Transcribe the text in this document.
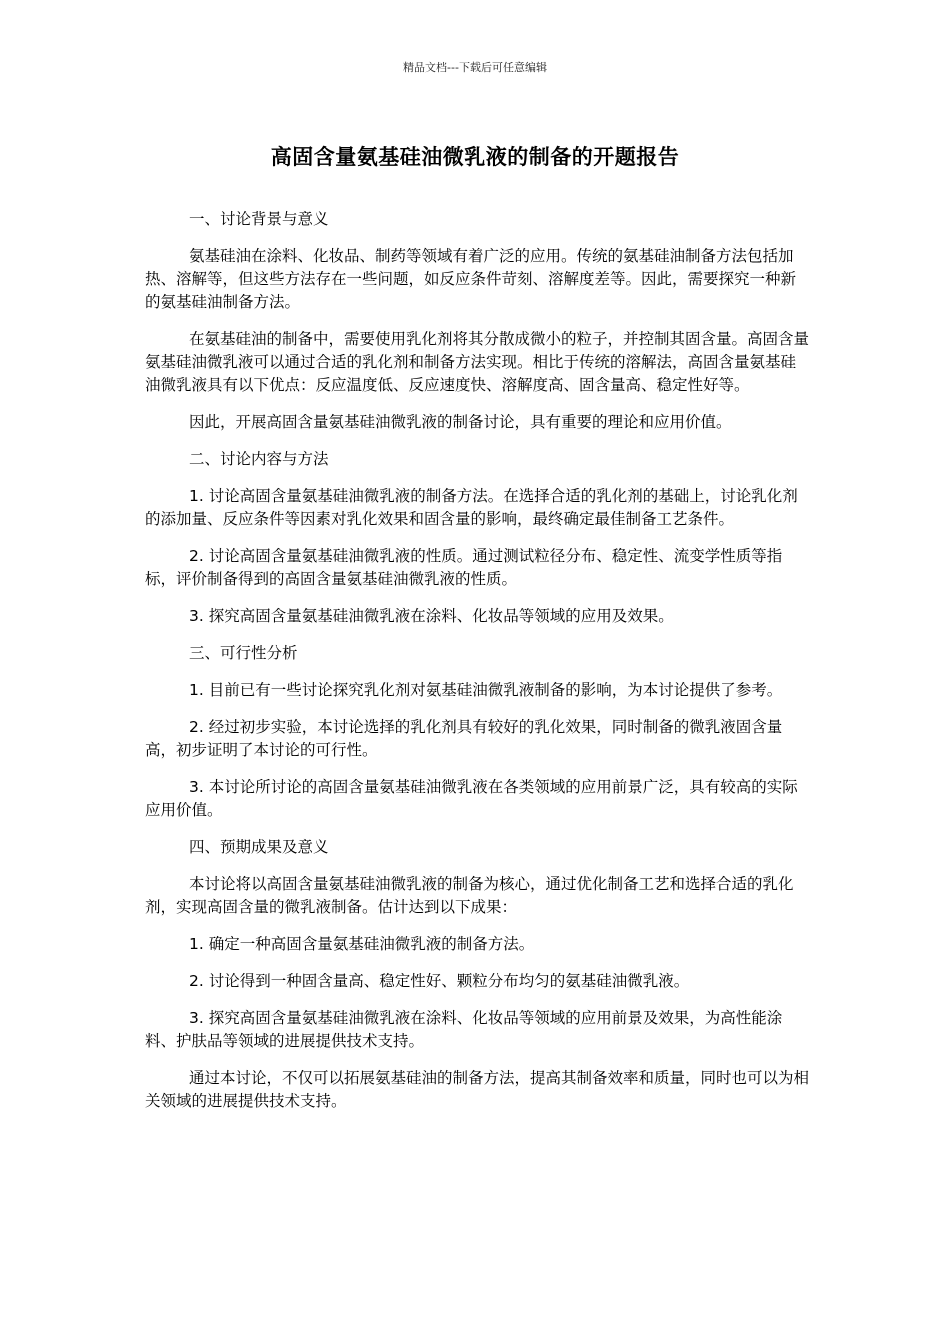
精品文档---下载后可任意编辑
高固含量氨基硅油微乳液的制备的开题报告

一、讨论背景与意义

氨基硅油在涂料、化妆品、制药等领域有着广泛的应用。传统的氨基硅油制备方法包括加热、溶解等，但这些方法存在一些问题，如反应条件苛刻、溶解度差等。因此，需要探究一种新的氨基硅油制备方法。

在氨基硅油的制备中，需要使用乳化剂将其分散成微小的粒子，并控制其固含量。高固含量氨基硅油微乳液可以通过合适的乳化剂和制备方法实现。相比于传统的溶解法，高固含量氨基硅油微乳液具有以下优点：反应温度低、反应速度快、溶解度高、固含量高、稳定性好等。

因此，开展高固含量氨基硅油微乳液的制备讨论，具有重要的理论和应用价值。

二、讨论内容与方法

1. 讨论高固含量氨基硅油微乳液的制备方法。在选择合适的乳化剂的基础上，讨论乳化剂的添加量、反应条件等因素对乳化效果和固含量的影响，最终确定最佳制备工艺条件。

2. 讨论高固含量氨基硅油微乳液的性质。通过测试粒径分布、稳定性、流变学性质等指标，评价制备得到的高固含量氨基硅油微乳液的性质。

3. 探究高固含量氨基硅油微乳液在涂料、化妆品等领域的应用及效果。

三、可行性分析

1. 目前已有一些讨论探究乳化剂对氨基硅油微乳液制备的影响，为本讨论提供了参考。

2. 经过初步实验，本讨论选择的乳化剂具有较好的乳化效果，同时制备的微乳液固含量高，初步证明了本讨论的可行性。

3. 本讨论所讨论的高固含量氨基硅油微乳液在各类领域的应用前景广泛，具有较高的实际应用价值。

四、预期成果及意义

本讨论将以高固含量氨基硅油微乳液的制备为核心，通过优化制备工艺和选择合适的乳化剂，实现高固含量的微乳液制备。估计达到以下成果：

1. 确定一种高固含量氨基硅油微乳液的制备方法。

2. 讨论得到一种固含量高、稳定性好、颗粒分布均匀的氨基硅油微乳液。

3. 探究高固含量氨基硅油微乳液在涂料、化妆品等领域的应用前景及效果，为高性能涂料、护肤品等领域的进展提供技术支持。

通过本讨论，不仅可以拓展氨基硅油的制备方法，提高其制备效率和质量，同时也可以为相关领域的进展提供技术支持。
